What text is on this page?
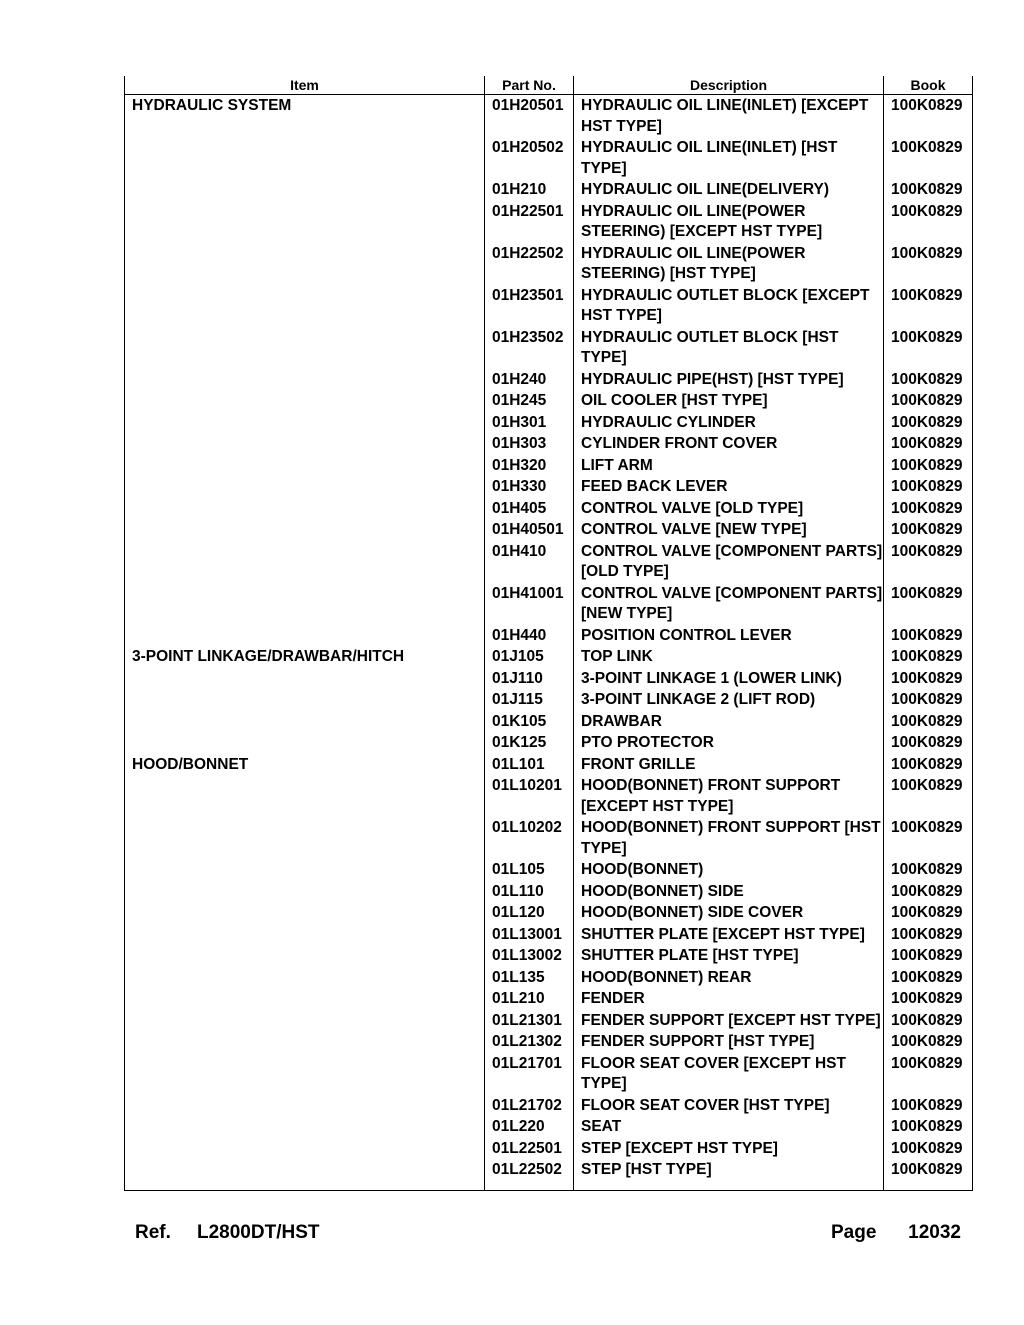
Item	Part No.	Description	Book
HYDRAULIC SYSTEM	01H20501	HYDRAULIC OIL LINE(INLET) [EXCEPT HST TYPE]	100K0829
	01H20502	HYDRAULIC OIL LINE(INLET) [HST TYPE]	100K0829
	01H210	HYDRAULIC OIL LINE(DELIVERY)	100K0829
	01H22501	HYDRAULIC OIL LINE(POWER STEERING) [EXCEPT HST TYPE]	100K0829
	01H22502	HYDRAULIC OIL LINE(POWER STEERING) [HST TYPE]	100K0829
	01H23501	HYDRAULIC OUTLET BLOCK [EXCEPT HST TYPE]	100K0829
	01H23502	HYDRAULIC OUTLET BLOCK [HST TYPE]	100K0829
	01H240	HYDRAULIC PIPE(HST) [HST TYPE]	100K0829
	01H245	OIL COOLER [HST TYPE]	100K0829
	01H301	HYDRAULIC CYLINDER	100K0829
	01H303	CYLINDER FRONT COVER	100K0829
	01H320	LIFT ARM	100K0829
	01H330	FEED BACK LEVER	100K0829
	01H405	CONTROL VALVE [OLD TYPE]	100K0829
	01H40501	CONTROL VALVE [NEW TYPE]	100K0829
	01H410	CONTROL VALVE [COMPONENT PARTS] [OLD TYPE]	100K0829
	01H41001	CONTROL VALVE [COMPONENT PARTS] [NEW TYPE]	100K0829
	01H440	POSITION CONTROL LEVER	100K0829
3-POINT LINKAGE/DRAWBAR/HITCH	01J105	TOP LINK	100K0829
	01J110	3-POINT LINKAGE 1 (LOWER LINK)	100K0829
	01J115	3-POINT LINKAGE 2 (LIFT ROD)	100K0829
	01K105	DRAWBAR	100K0829
	01K125	PTO PROTECTOR	100K0829
HOOD/BONNET	01L101	FRONT GRILLE	100K0829
	01L10201	HOOD(BONNET) FRONT SUPPORT [EXCEPT HST TYPE]	100K0829
	01L10202	HOOD(BONNET) FRONT SUPPORT [HST TYPE]	100K0829
	01L105	HOOD(BONNET)	100K0829
	01L110	HOOD(BONNET) SIDE	100K0829
	01L120	HOOD(BONNET) SIDE COVER	100K0829
	01L13001	SHUTTER PLATE [EXCEPT HST TYPE]	100K0829
	01L13002	SHUTTER PLATE [HST TYPE]	100K0829
	01L135	HOOD(BONNET) REAR	100K0829
	01L210	FENDER	100K0829
	01L21301	FENDER SUPPORT [EXCEPT HST TYPE]	100K0829
	01L21302	FENDER SUPPORT [HST TYPE]	100K0829
	01L21701	FLOOR SEAT COVER [EXCEPT HST TYPE]	100K0829
	01L21702	FLOOR SEAT COVER [HST TYPE]	100K0829
	01L220	SEAT	100K0829
	01L22501	STEP [EXCEPT HST TYPE]	100K0829
	01L22502	STEP [HST TYPE]	100K0829
Ref. L2800DT/HST	Page 12032
